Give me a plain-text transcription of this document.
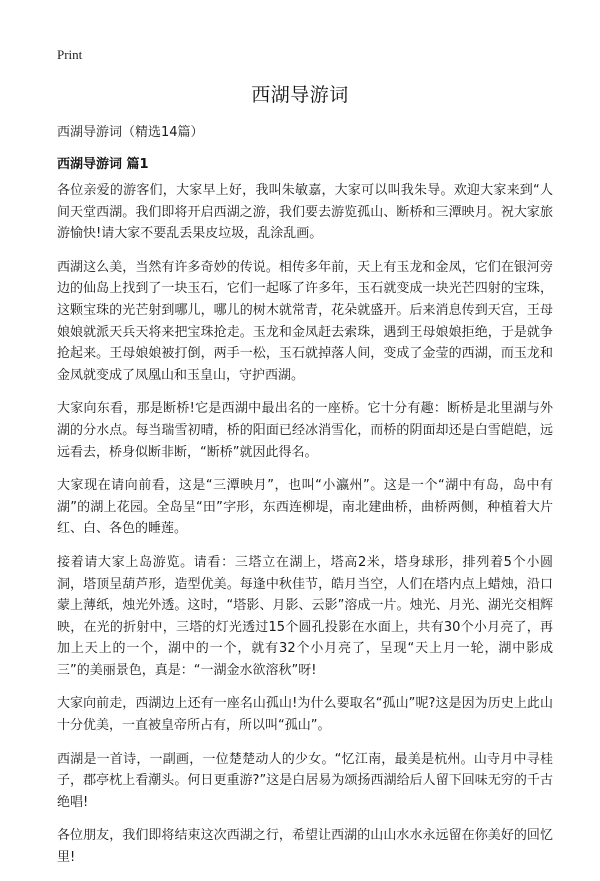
Print
西湖导游词
西湖导游词（精选14篇）
西湖导游词 篇1

各位亲爱的游客们，大家早上好，我叫朱敏嘉，大家可以叫我朱导。欢迎大家来到“人间天堂西湖。我们即将开启西湖之游，我们要去游览孤山、断桥和三潭映月。祝大家旅游愉快!请大家不要乱丢果皮垃圾，乱涂乱画。

西湖这么美，当然有许多奇妙的传说。相传多年前，天上有玉龙和金凤，它们在银河旁边的仙岛上找到了一块玉石，它们一起啄了许多年，玉石就变成一块光芒四射的宝珠，这颗宝珠的光芒射到哪儿，哪儿的树木就常青，花朵就盛开。后来消息传到天宫，王母娘娘就派天兵天将来把宝珠抢走。玉龙和金凤赶去索珠，遇到王母娘娘拒绝，于是就争抢起来。王母娘娘被打倒，两手一松，玉石就掉落人间，变成了金莹的西湖，而玉龙和金凤就变成了凤凰山和玉皇山，守护西湖。

大家向东看，那是断桥!它是西湖中最出名的一座桥。它十分有趣：断桥是北里湖与外湖的分水点。每当瑞雪初晴，桥的阳面已经冰消雪化，而桥的阴面却还是白雪皑皑，远远看去，桥身似断非断，“断桥”就因此得名。

大家现在请向前看，这是“三潭映月”，也叫“小瀛州”。这是一个“湖中有岛，岛中有湖”的湖上花园。全岛呈“田”字形，东西连柳堤，南北建曲桥，曲桥两侧，种植着大片红、白、各色的睡莲。

接着请大家上岛游览。请看：三塔立在湖上，塔高2米，塔身球形，排列着5个小圆洞，塔顶呈葫芦形，造型优美。每逢中秋佳节，皓月当空，人们在塔内点上蜡烛，沿口蒙上薄纸，烛光外透。这时，“塔影、月影、云影”溶成一片。烛光、月光、湖光交相辉映，在光的折射中，三塔的灯光透过15个圆孔投影在水面上，共有30个小月亮了，再加上天上的一个，湖中的一个，就有32个小月亮了，呈现“天上月一轮，湖中影成三”的美丽景色，真是：“一湖金水欲溶秋”呀!

大家向前走，西湖边上还有一座名山孤山!为什么要取名“孤山”呢?这是因为历史上此山十分优美，一直被皇帝所占有，所以叫“孤山”。

西湖是一首诗，一副画，一位楚楚动人的少女。“忆江南，最美是杭州。山寺月中寻桂子，郡亭枕上看潮头。何日更重游?”这是白居易为颂扬西湖给后人留下回味无穷的千古绝唱!

各位朋友，我们即将结束这次西湖之行，希望让西湖的山山水水永远留在你美好的回忆里!
